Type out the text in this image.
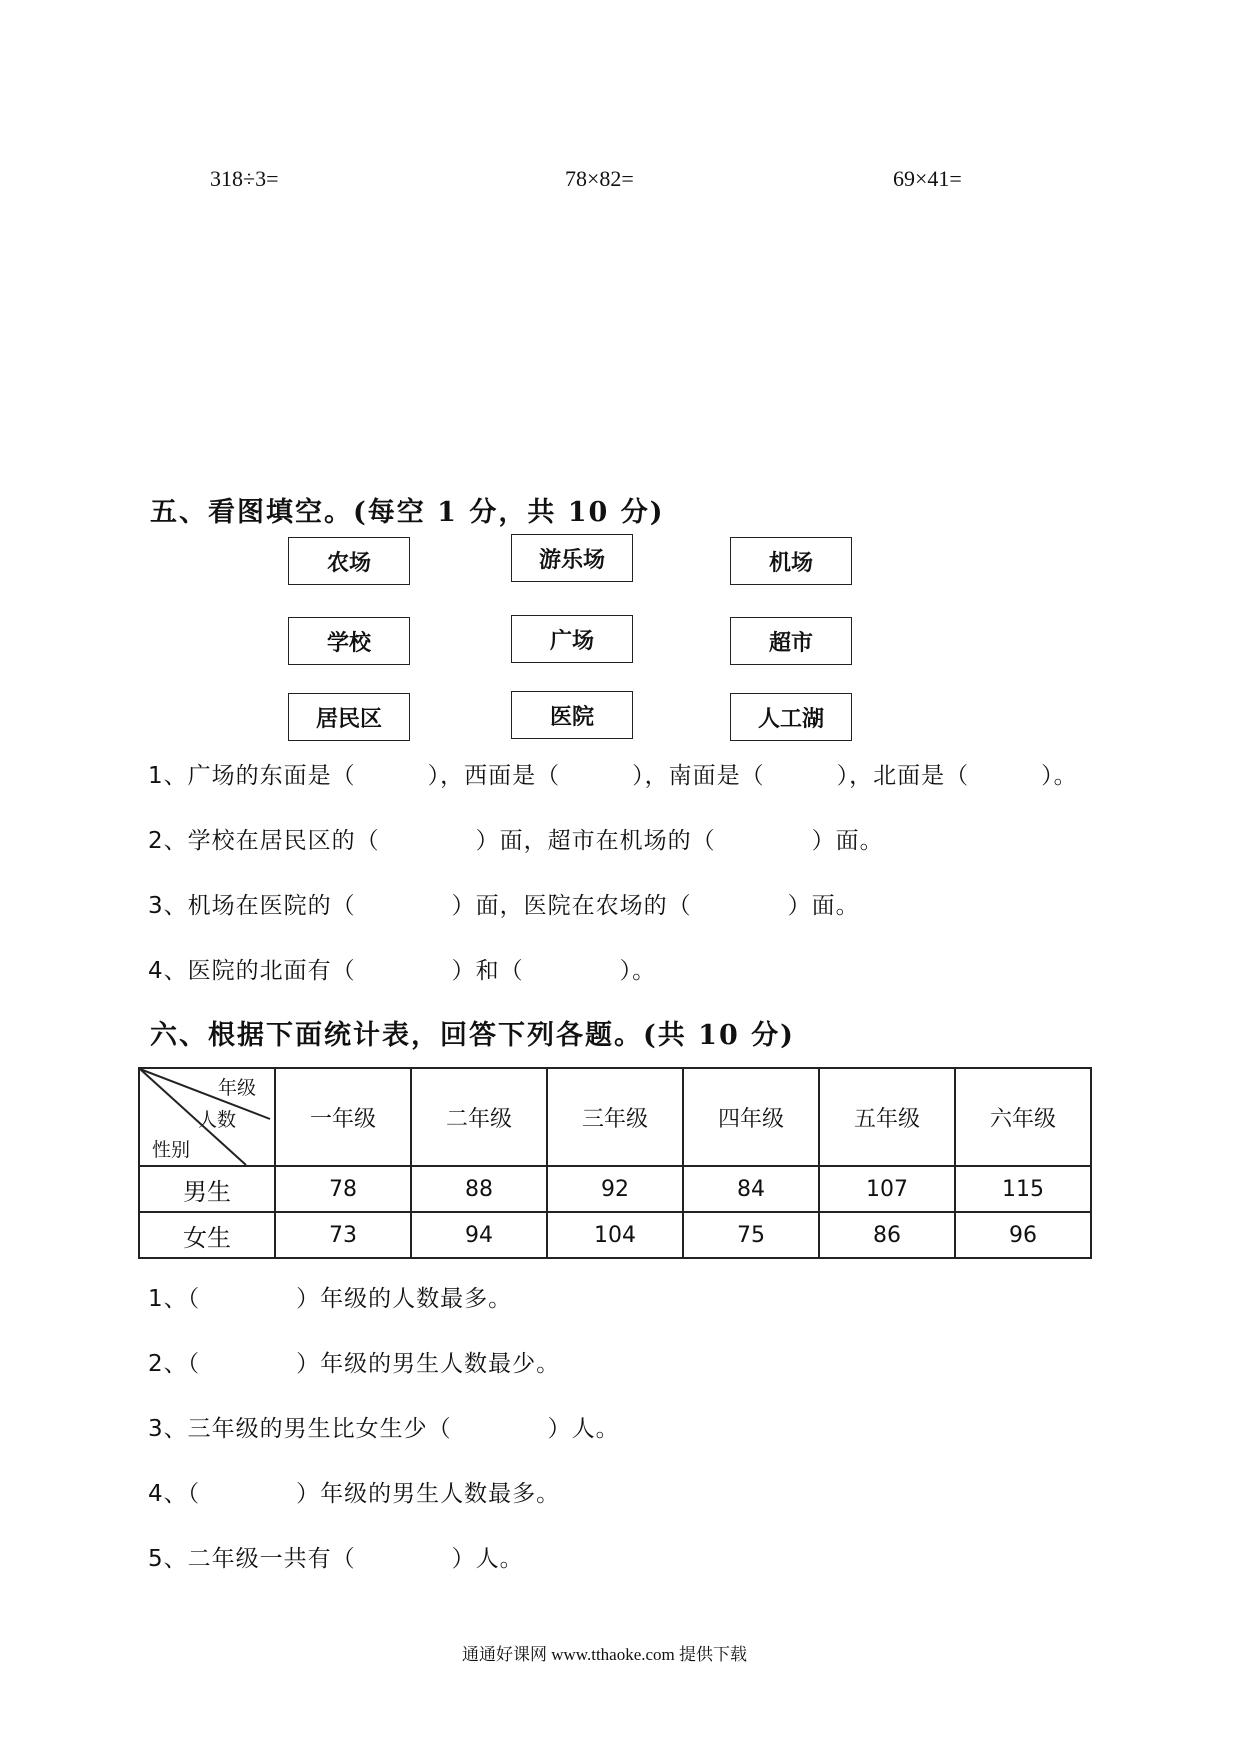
318÷3=	78×82=	69×41=
五、看图填空。(每空 1 分，共 10 分)
农场	游乐场	机场
学校	广场	超市
居民区	医院	人工湖
1、广场的东面是（　　　），西面是（　　　），南面是（　　　），北面是（　　　）。
2、学校在居民区的（　　　　）面，超市在机场的（　　　　）面。
3、机场在医院的（　　　　）面，医院在农场的（　　　　）面。
4、医院的北面有（　　　　）和（　　　　）。
六、根据下面统计表，回答下列各题。(共 10 分)
年级
人数
性别	一年级	二年级	三年级	四年级	五年级	六年级
男生	78	88	92	84	107	115
女生	73	94	104	75	86	96
1、（　　　　）年级的人数最多。
2、（　　　　）年级的男生人数最少。
3、三年级的男生比女生少（　　　　）人。
4、（　　　　）年级的男生人数最多。
5、二年级一共有（　　　　）人。
通通好课网 www.tthaoke.com 提供下载
